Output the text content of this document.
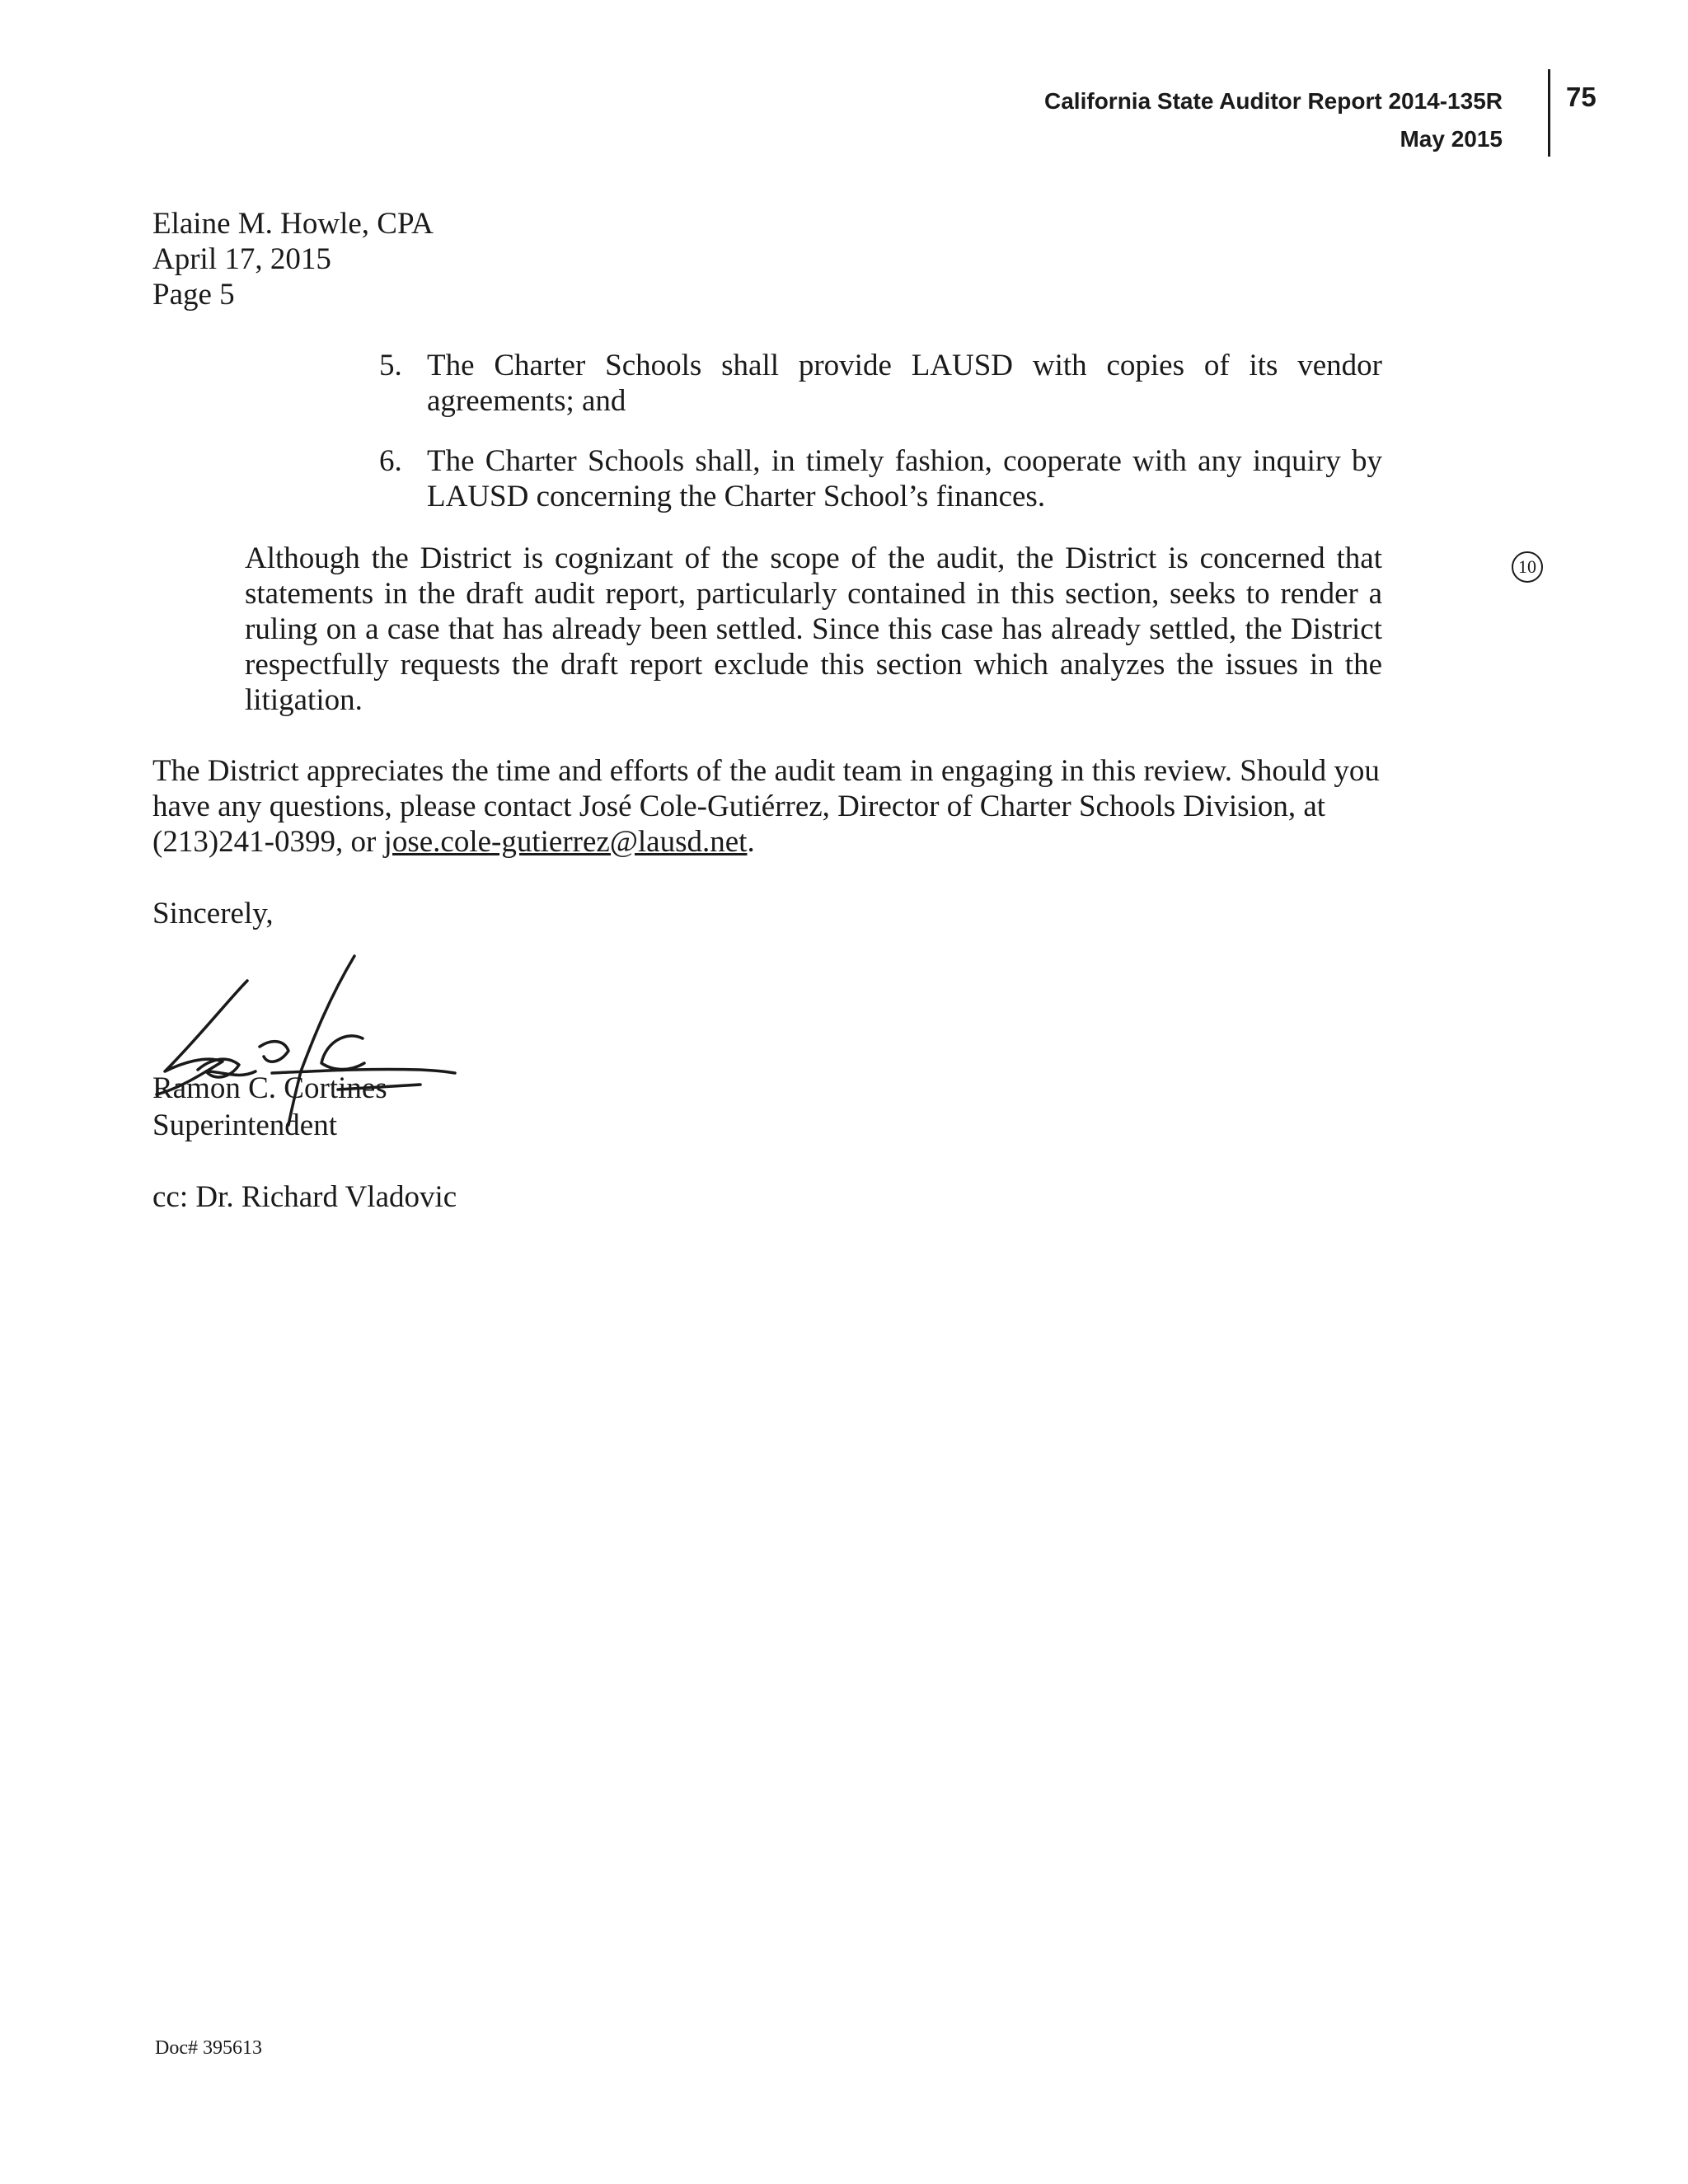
California State Auditor Report 2014-135R
May 2015
75
Elaine M. Howle, CPA
April 17, 2015
Page 5
5. The Charter Schools shall provide LAUSD with copies of its vendor agreements; and
6. The Charter Schools shall, in timely fashion, cooperate with any inquiry by LAUSD concerning the Charter School’s finances.

Although the District is cognizant of the scope of the audit, the District is concerned that statements in the draft audit report, particularly contained in this section, seeks to render a ruling on a case that has already been settled. Since this case has already settled, the District respectfully requests the draft report exclude this section which analyzes the issues in the litigation.

10

The District appreciates the time and efforts of the audit team in engaging in this review. Should you have any questions, please contact José Cole-Gutiérrez, Director of Charter Schools Division, at (213)241-0399, or jose.cole-gutierrez@lausd.net.

Sincerely,
Ramon C. Cortines
Superintendent
cc: Dr. Richard Vladovic
Doc# 395613
